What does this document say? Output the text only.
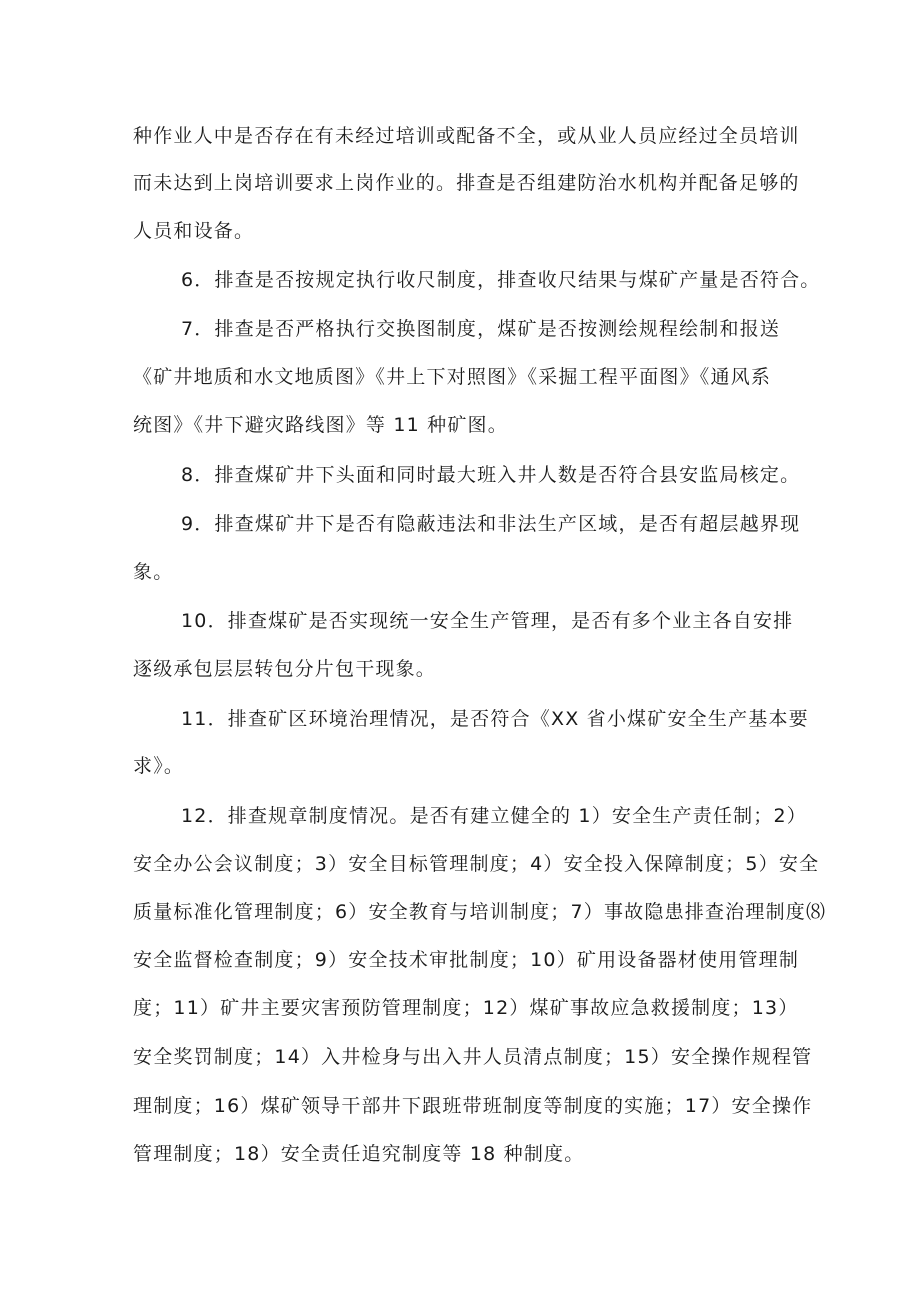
种作业人中是否存在有未经过培训或配备不全，或从业人员应经过全员培训
而未达到上岗培训要求上岗作业的。排查是否组建防治水机构并配备足够的
人员和设备。
6．排查是否按规定执行收尺制度，排查收尺结果与煤矿产量是否符合。
7．排查是否严格执行交换图制度，煤矿是否按测绘规程绘制和报送
《矿井地质和水文地质图》《井上下对照图》《采掘工程平面图》《通风系
统图》《井下避灾路线图》等 11 种矿图。
8．排查煤矿井下头面和同时最大班入井人数是否符合县安监局核定。
9．排查煤矿井下是否有隐蔽违法和非法生产区域，是否有超层越界现
象。
10．排查煤矿是否实现统一安全生产管理，是否有多个业主各自安排
逐级承包层层转包分片包干现象。
11．排查矿区环境治理情况，是否符合《XX 省小煤矿安全生产基本要
求》。
12．排查规章制度情况。是否有建立健全的 1）安全生产责任制；2）
安全办公会议制度；3）安全目标管理制度；4）安全投入保障制度；5）安全
质量标准化管理制度；6）安全教育与培训制度；7）事故隐患排查治理制度⑻
安全监督检查制度；9）安全技术审批制度；10）矿用设备器材使用管理制
度；11）矿井主要灾害预防管理制度；12）煤矿事故应急救援制度；13）
安全奖罚制度；14）入井检身与出入井人员清点制度；15）安全操作规程管
理制度；16）煤矿领导干部井下跟班带班制度等制度的实施；17）安全操作
管理制度；18）安全责任追究制度等 18 种制度。
